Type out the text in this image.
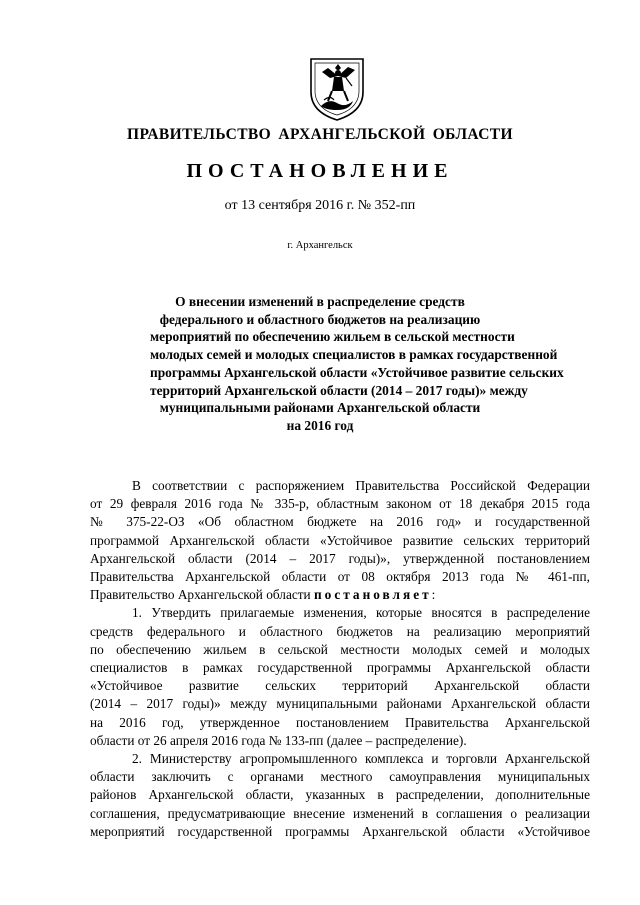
ПРАВИТЕЛЬСТВО АРХАНГЕЛЬСКОЙ ОБЛАСТИ
ПОСТАНОВЛЕНИЕ
от 13 сентября 2016 г. № 352-пп
г. Архангельск
О внесении изменений в распределение средств
федерального и областного бюджетов на реализацию
мероприятий по обеспечению жильем в сельской местности
молодых семей и молодых специалистов в рамках государственной
программы Архангельской области «Устойчивое развитие сельских
территорий Архангельской области (2014 – 2017 годы)» между
муниципальными районами Архангельской области
на 2016 год
В соответствии с распоряжением Правительства Российской Федерации
от 29 февраля 2016 года № 335-р, областным законом от 18 декабря 2015 года
№ 375-22-ОЗ «Об областном бюджете на 2016 год» и государственной
программой Архангельской области «Устойчивое развитие сельских территорий
Архангельской области (2014 – 2017 годы)», утвержденной постановлением
Правительства Архангельской области от 08 октября 2013 года № 461-пп,
Правительство Архангельской области постановляет:
1. Утвердить прилагаемые изменения, которые вносятся в распределение
средств федерального и областного бюджетов на реализацию мероприятий
по обеспечению жильем в сельской местности молодых семей и молодых
специалистов в рамках государственной программы Архангельской области
«Устойчивое развитие сельских территорий Архангельской области
(2014 – 2017 годы)» между муниципальными районами Архангельской области
на 2016 год, утвержденное постановлением Правительства Архангельской
области от 26 апреля 2016 года № 133-пп (далее – распределение).
2. Министерству агропромышленного комплекса и торговли Архангельской
области заключить с органами местного самоуправления муниципальных
районов Архангельской области, указанных в распределении, дополнительные
соглашения, предусматривающие внесение изменений в соглашения о реализации
мероприятий государственной программы Архангельской области «Устойчивое
